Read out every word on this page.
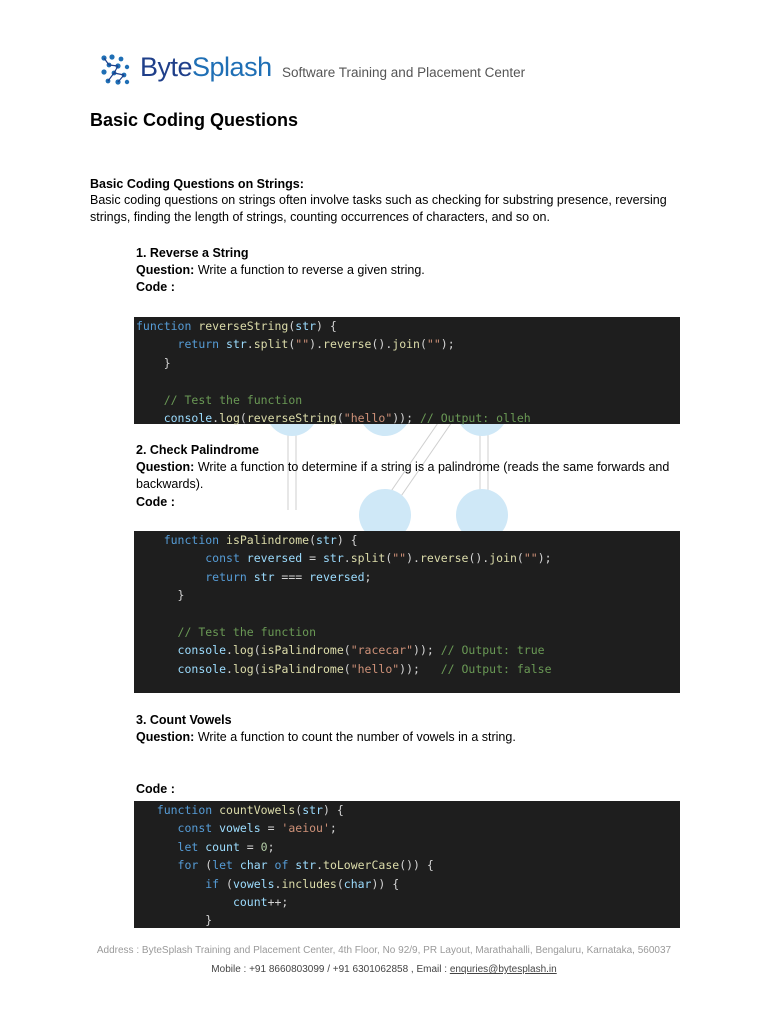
ByteSplash Software Training and Placement Center
Basic Coding Questions
Basic Coding Questions on Strings:
Basic coding questions on strings often involve tasks such as checking for substring presence, reversing strings, finding the length of strings, counting occurrences of characters, and so on.
1. Reverse a String
Question: Write a function to reverse a given string.
Code :
function reverseString(str) {
return str.split("").reverse().join("");
}
// Test the function
console.log(reverseString("hello")); // Output: olleh
2. Check Palindrome
Question: Write a function to determine if a string is a palindrome (reads the same forwards and backwards).
Code :
function isPalindrome(str) {
const reversed = str.split("").reverse().join("");
return str === reversed;
}
// Test the function
console.log(isPalindrome("racecar")); // Output: true
console.log(isPalindrome("hello"));   // Output: false
3. Count Vowels
Question: Write a function to count the number of vowels in a string.
Code :
function countVowels(str) {
const vowels = 'aeiou';
let count = 0;
for (let char of str.toLowerCase()) {
if (vowels.includes(char)) {
count++;
}
Address : ByteSplash Training and Placement Center, 4th Floor, No 92/9, PR Layout, Marathahalli, Bengaluru, Karnataka, 560037
Mobile : +91 8660803099 / +91 6301062858 , Email : enquries@bytesplash.in
